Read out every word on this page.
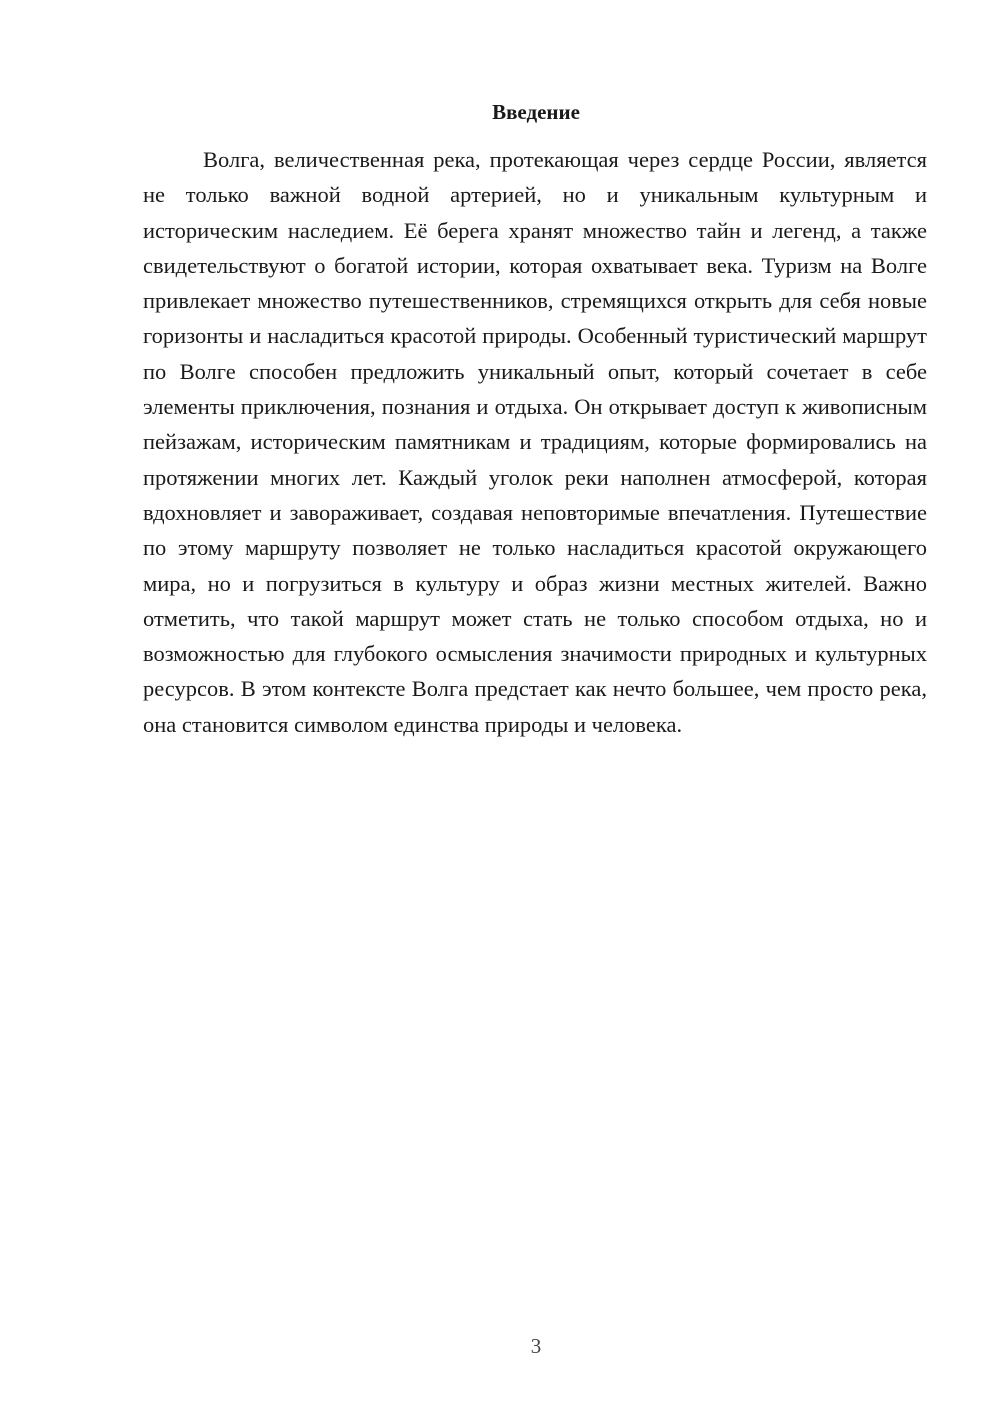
Введение

Волга, величественная река, протекающая через сердце России, является не только важной водной артерией, но и уникальным культурным и историческим наследием. Её берега хранят множество тайн и легенд, а также свидетельствуют о богатой истории, которая охватывает века. Туризм на Волге привлекает множество путешественников, стремящихся открыть для себя новые горизонты и насладиться красотой природы. Особенный туристический маршрут по Волге способен предложить уникальный опыт, который сочетает в себе элементы приключения, познания и отдыха. Он открывает доступ к живописным пейзажам, историческим памятникам и традициям, которые формировались на протяжении многих лет. Каждый уголок реки наполнен атмосферой, которая вдохновляет и завораживает, создавая неповторимые впечатления. Путешествие по этому маршруту позволяет не только насладиться красотой окружающего мира, но и погрузиться в культуру и образ жизни местных жителей. Важно отметить, что такой маршрут может стать не только способом отдыха, но и возможностью для глубокого осмысления значимости природных и культурных ресурсов. В этом контексте Волга предстает как нечто большее, чем просто река, она становится символом единства природы и человека.

3
